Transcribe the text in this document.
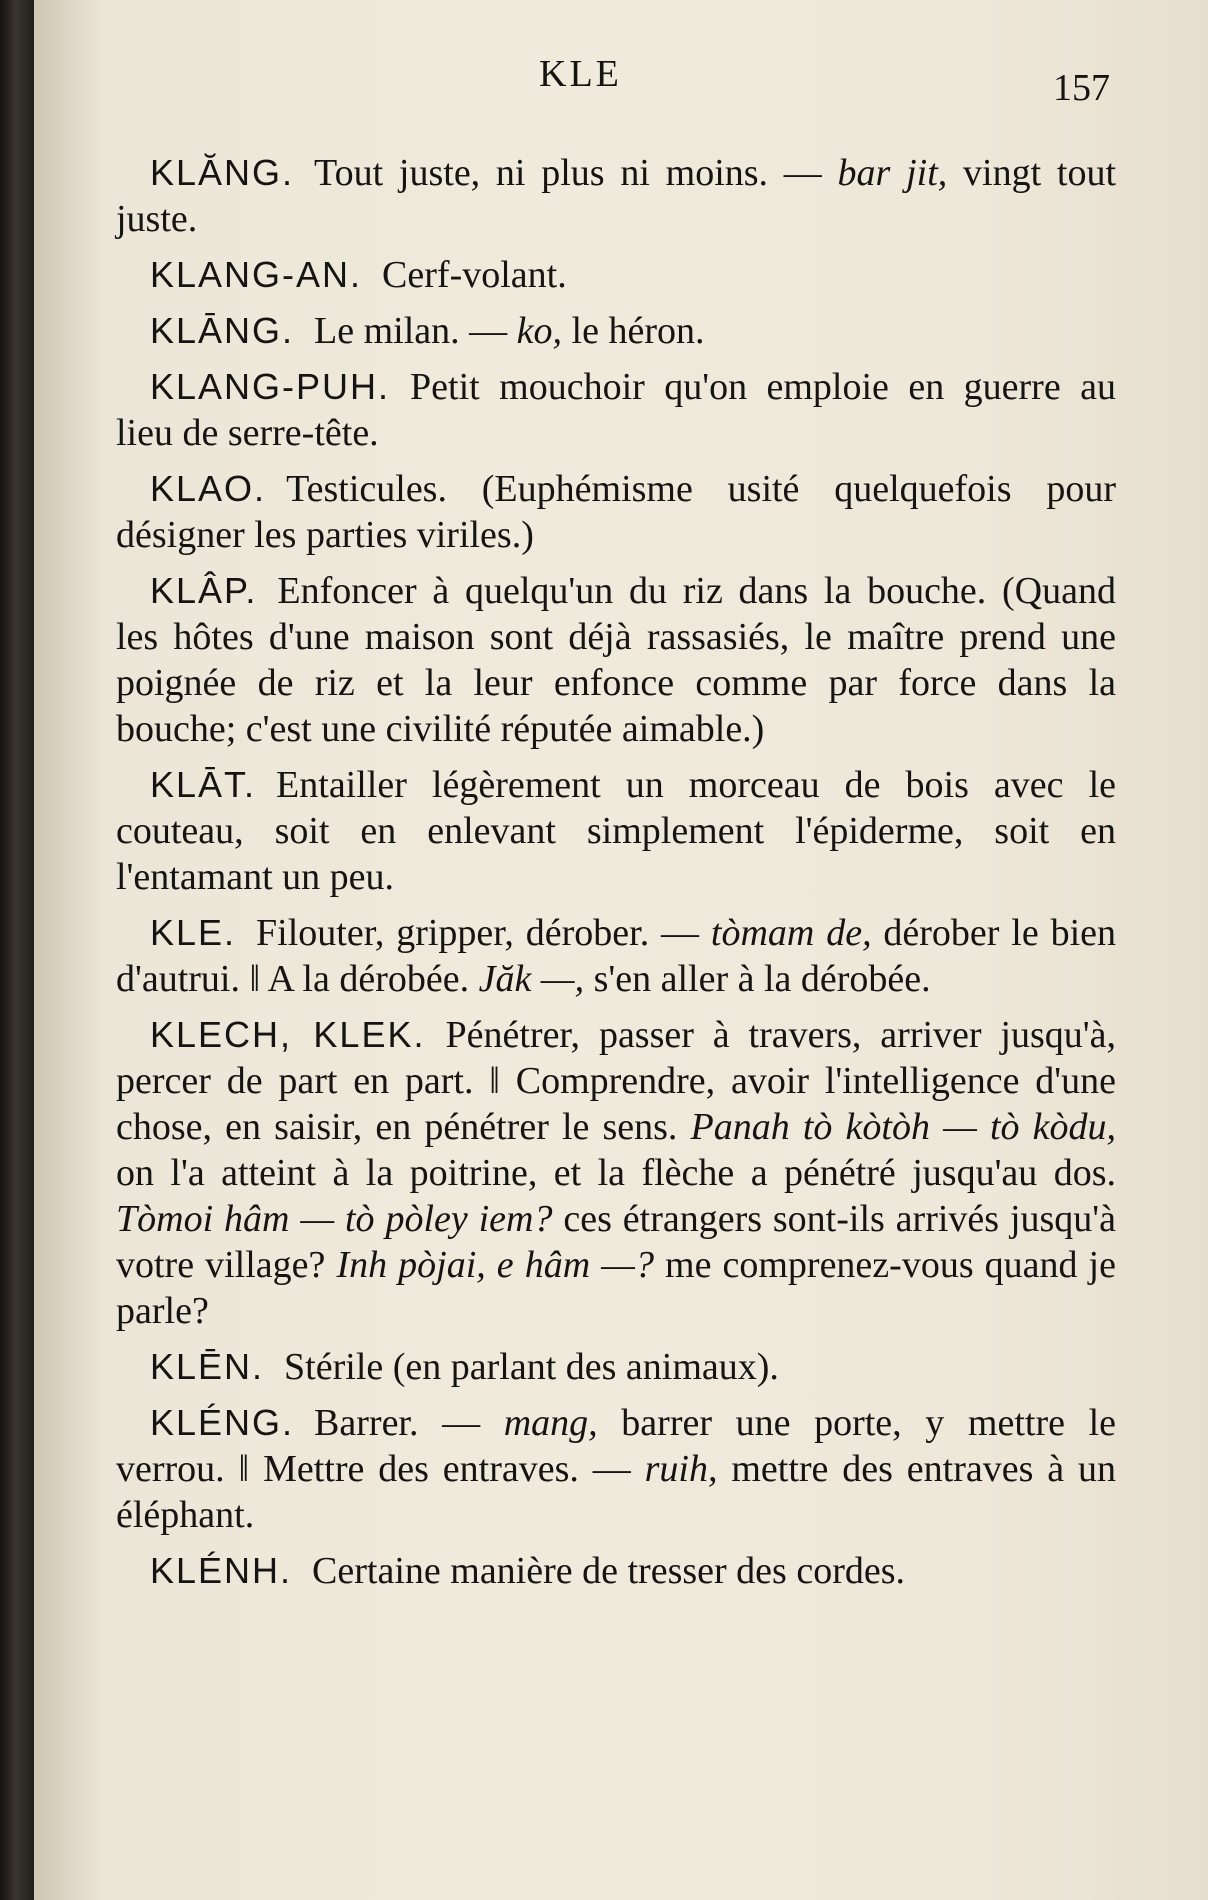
KLE	157

KLĂNG. Tout juste, ni plus ni moins. — bar jit, vingt tout juste.

KLANG-AN. Cerf-volant.

KLĀNG. Le milan. — ko, le héron.

KLANG-PUH. Petit mouchoir qu'on emploie en guerre au lieu de serre-tête.

KLAO. Testicules. (Euphémisme usité quelquefois pour désigner les parties viriles.)

KLÂP. Enfoncer à quelqu'un du riz dans la bouche. (Quand les hôtes d'une maison sont déjà rassasiés, le maître prend une poignée de riz et la leur enfonce comme par force dans la bouche; c'est une civilité réputée aimable.)

KLĀT. Entailler légèrement un morceau de bois avec le couteau, soit en enlevant simplement l'épiderme, soit en l'entamant un peu.

KLE. Filouter, gripper, dérober. — tòmam de, dérober le bien d'autrui. ‖ A la dérobée. Jăk —, s'en aller à la dérobée.

KLECH, KLEK. Pénétrer, passer à travers, arriver jusqu'à, percer de part en part. ‖ Comprendre, avoir l'intelligence d'une chose, en saisir, en pénétrer le sens. Panah tò kòtòh — tò kòdu, on l'a atteint à la poitrine, et la flèche a pénétré jusqu'au dos. Tòmoi hâm — tò pòley iem? ces étrangers sont-ils arrivés jusqu'à votre village? Inh pòjai, e hâm —? me comprenez-vous quand je parle?

KLĒN. Stérile (en parlant des animaux).

KLÉNG. Barrer. — mang, barrer une porte, y mettre le verrou. ‖ Mettre des entraves. — ruih, mettre des entraves à un éléphant.

KLÉNH. Certaine manière de tresser des cordes.
